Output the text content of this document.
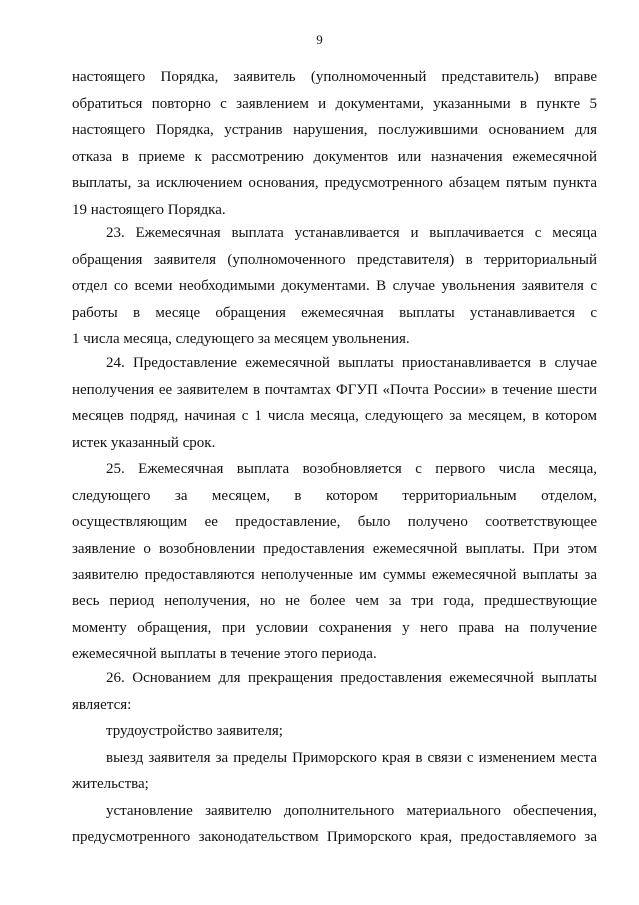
9
настоящего Порядка, заявитель (уполномоченный представитель) вправе
обратиться повторно с заявлением и документами, указанными в пункте 5
настоящего Порядка, устранив нарушения, послужившими основанием для
отказа в приеме к рассмотрению документов или назначения ежемесячной
выплаты, за исключением основания, предусмотренного абзацем пятым пункта
19 настоящего Порядка.
23. Ежемесячная выплата устанавливается и выплачивается с месяца
обращения заявителя (уполномоченного представителя) в территориальный
отдел со всеми необходимыми документами. В случае увольнения заявителя с
работы в месяце обращения ежемесячная выплаты устанавливается с
1 числа месяца, следующего за месяцем увольнения.
24. Предоставление ежемесячной выплаты приостанавливается в случае
неполучения ее заявителем в почтамтах ФГУП «Почта России» в течение шести
месяцев подряд, начиная с 1 числа месяца, следующего за месяцем, в котором
истек указанный срок.
25. Ежемесячная выплата возобновляется с первого числа месяца,
следующего за месяцем, в котором территориальным отделом,
осуществляющим ее предоставление, было получено соответствующее
заявление о возобновлении предоставления ежемесячной выплаты. При этом
заявителю предоставляются неполученные им суммы ежемесячной выплаты за
весь период неполучения, но не более чем за три года, предшествующие
моменту обращения, при условии сохранения у него права на получение
ежемесячной выплаты в течение этого периода.
26. Основанием для прекращения предоставления ежемесячной выплаты
является:
трудоустройство заявителя;
выезд заявителя за пределы Приморского края в связи с изменением места
жительства;
установление заявителю дополнительного материального обеспечения,
предусмотренного законодательством Приморского края, предоставляемого за
